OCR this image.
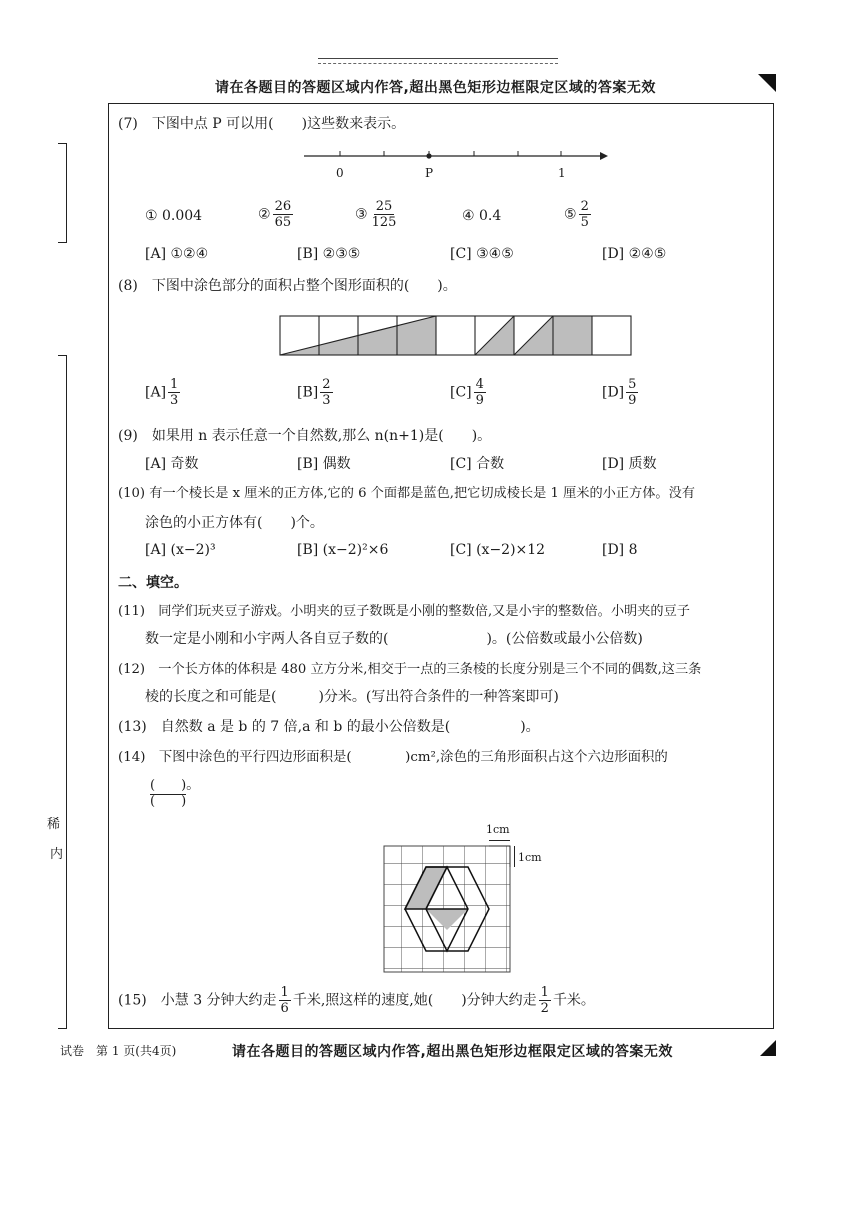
请在各题目的答题区域内作答,超出黑色矩形边框限定区域的答案无效
稀
内
(7)　下图中点 P 可以用(　　)这些数来表示。
0	P	1
① 0.004	② $\frac{26}{65}$	③ $\frac{25}{125}$	④ 0.4	⑤ $\frac{2}{5}$
[A] ①②④	[B] ②③⑤	[C] ③④⑤	[D] ②④⑤
(8)　下图中涂色部分的面积占整个图形面积的(　　)。
$[A] \frac{1}{3}$	$[B] \frac{2}{3}$	$[C] \frac{4}{9}$	$[D] \frac{5}{9}$
(9)　如果用 n 表示任意一个自然数,那么 n(n+1)是(　　)。
[A] 奇数	[B] 偶数	[C] 合数	[D] 质数
(10) 有一个棱长是 x 厘米的正方体,它的 6 个面都是蓝色,把它切成棱长是 1 厘米的小正方体。没有
涂色的小正方体有(　　)个。
[A] (x−2)³	[B] (x−2)²×6	[C] (x−2)×12	[D] 8
二、填空。
(11)　同学们玩夹豆子游戏。小明夹的豆子数既是小刚的整数倍,又是小宇的整数倍。小明夹的豆子
数一定是小刚和小宇两人各自豆子数的(　　　　　　　)。(公倍数或最小公倍数)
(12)　一个长方体的体积是 480 立方分米,相交于一点的三条棱的长度分别是三个不同的偶数,这三条
棱的长度之和可能是(　　　)分米。(写出符合条件的一种答案即可)
(13)　自然数 a 是 b 的 7 倍,a 和 b 的最小公倍数是(　　　　　)。
(14)　下图中涂色的平行四边形面积是(　　　　)cm²,涂色的三角形面积占这个六边形面积的
$\frac{( )}{( )}$ 。
1cm
1cm
(15)　小慧 3 分钟大约走 $\frac{1}{6}$ 千米,照这样的速度,她(　　)分钟大约走 $\frac{1}{2}$ 千米。
试卷　第 1 页(共4页)	请在各题目的答题区域内作答,超出黑色矩形边框限定区域的答案无效
